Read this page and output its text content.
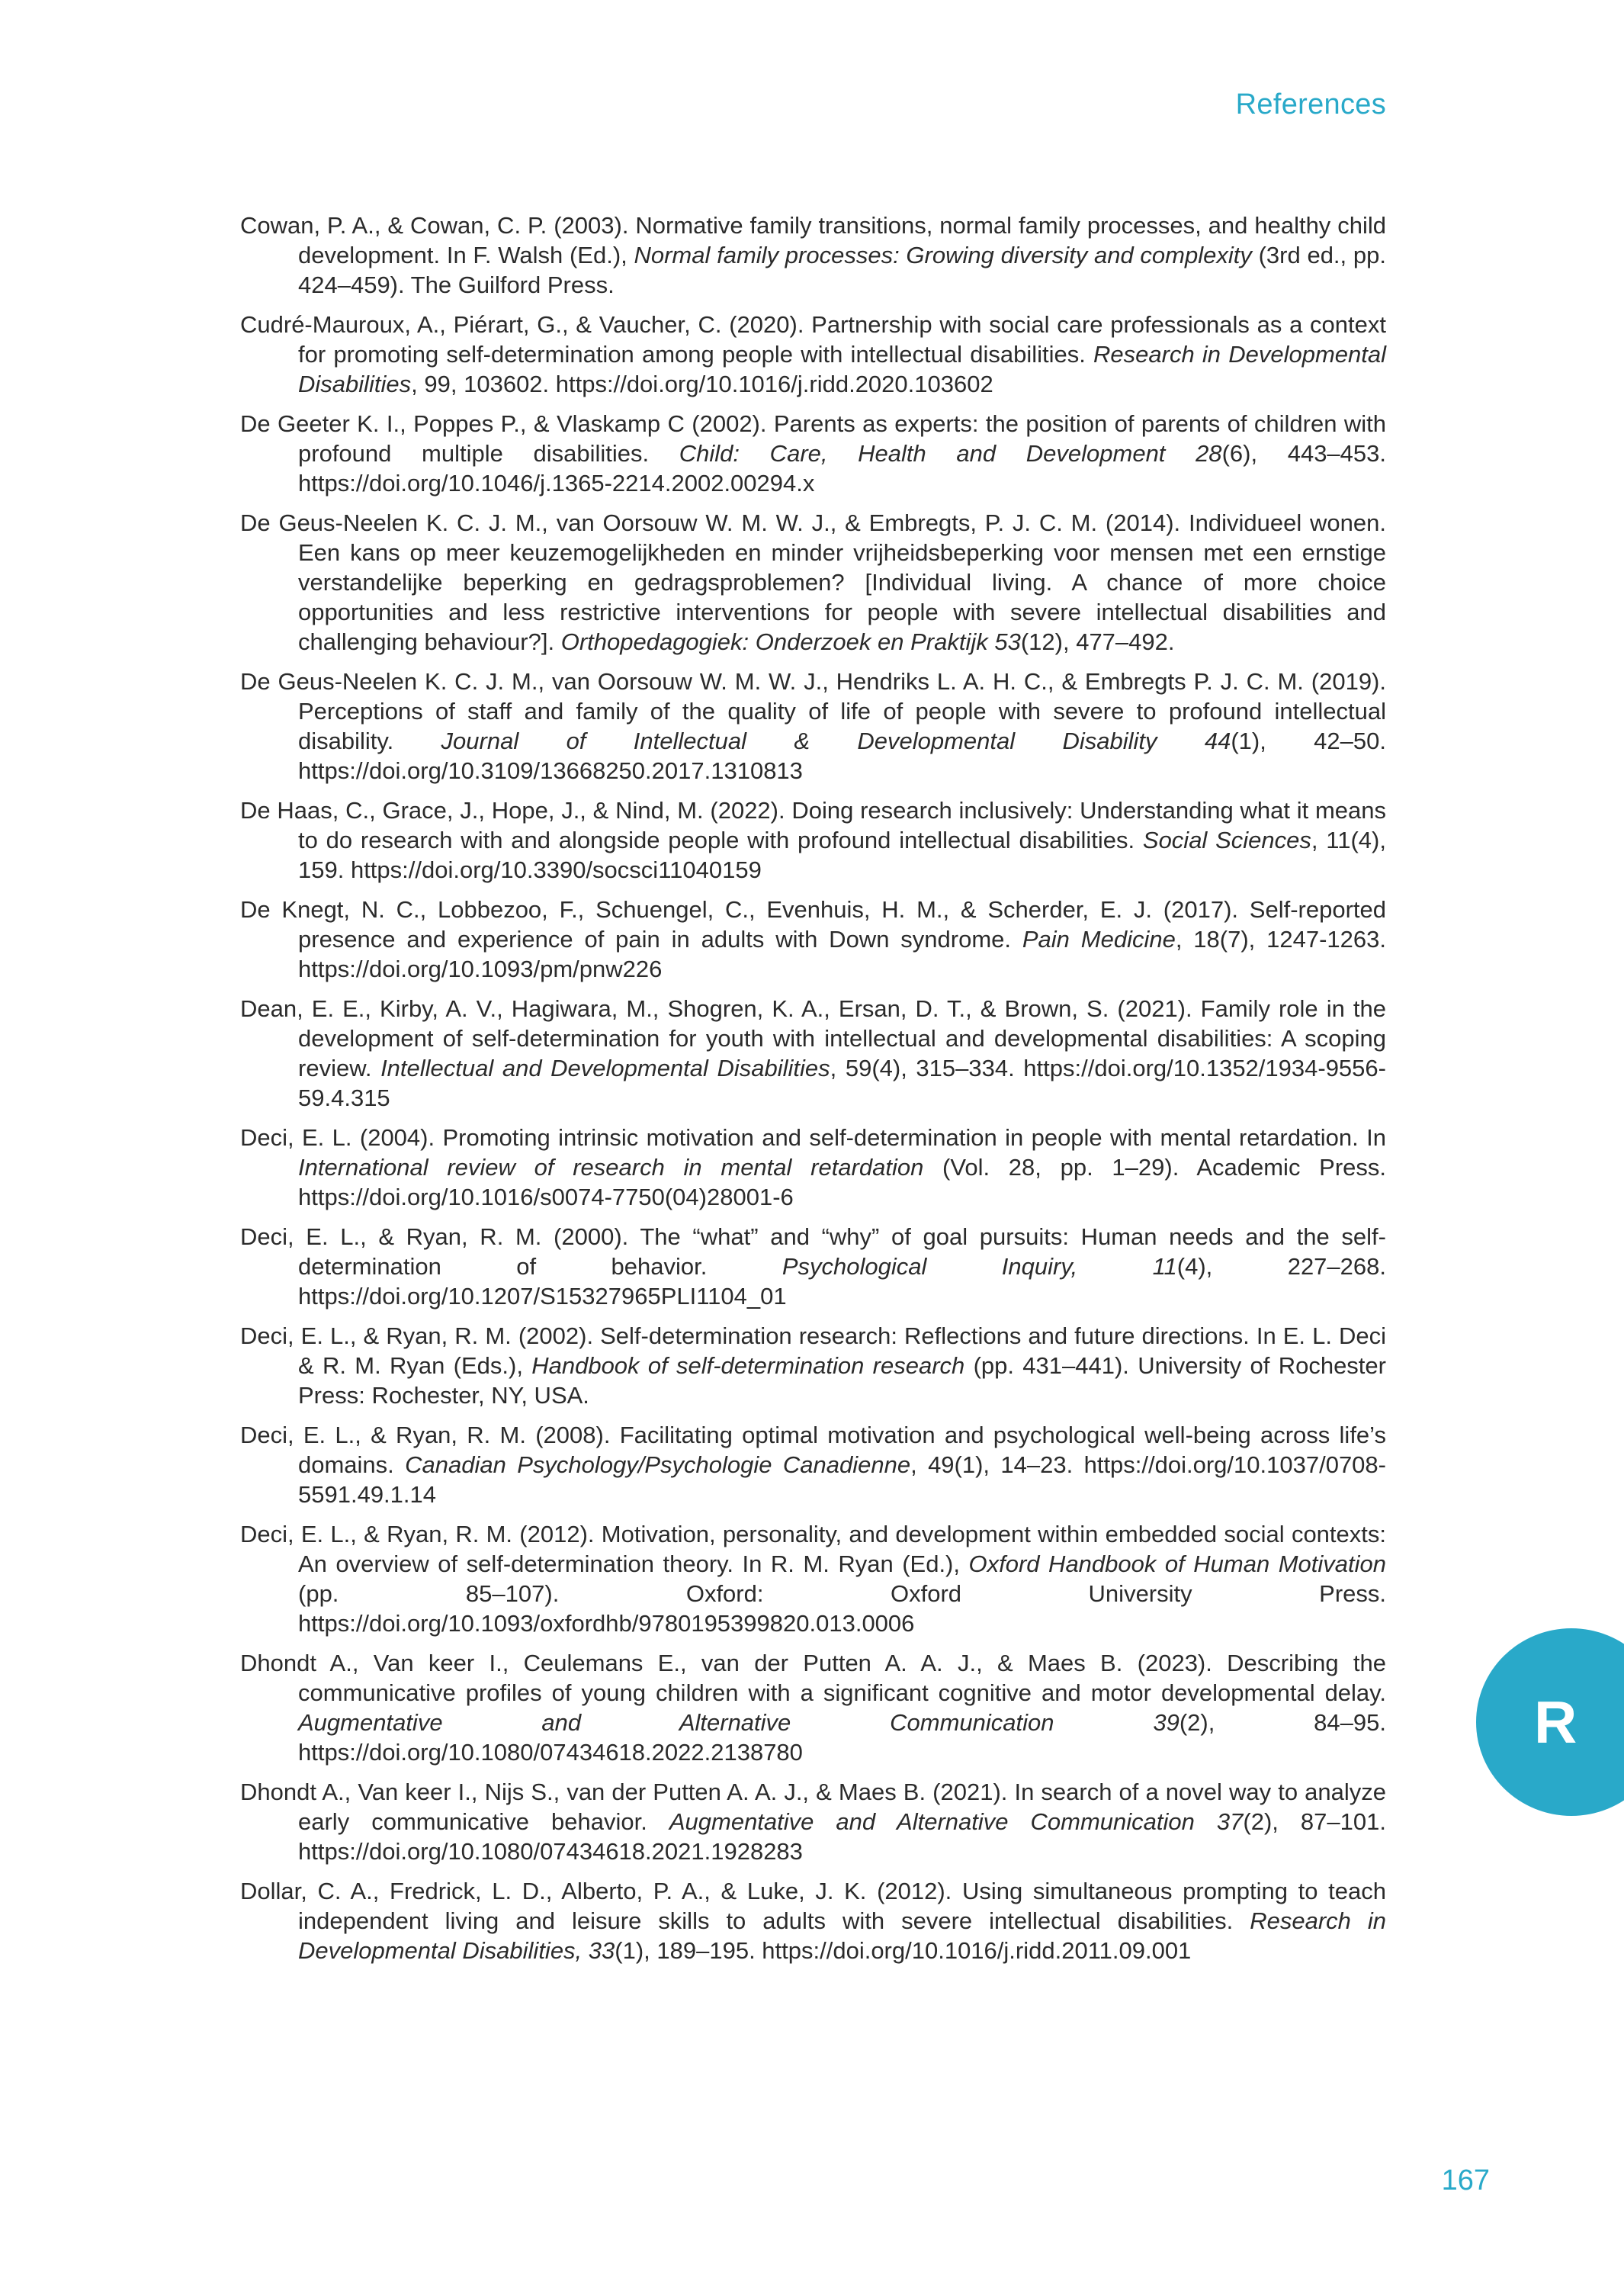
References
Cowan, P. A., & Cowan, C. P. (2003). Normative family transitions, normal family processes, and healthy child development. In F. Walsh (Ed.), Normal family processes: Growing diversity and complexity (3rd ed., pp. 424–459). The Guilford Press.
Cudré-Mauroux, A., Piérart, G., & Vaucher, C. (2020). Partnership with social care professionals as a context for promoting self-determination among people with intellectual disabilities. Research in Developmental Disabilities, 99, 103602. https://doi.org/10.1016/j.ridd.2020.103602
De Geeter K. I., Poppes P., & Vlaskamp C (2002). Parents as experts: the position of parents of children with profound multiple disabilities. Child: Care, Health and Development 28(6), 443–453. https://doi.org/10.1046/j.1365-2214.2002.00294.x
De Geus-Neelen K. C. J. M., van Oorsouw W. M. W. J., & Embregts, P. J. C. M. (2014). Individueel wonen. Een kans op meer keuzemogelijkheden en minder vrijheidsbeperking voor mensen met een ernstige verstandelijke beperking en gedragsproblemen? [Individual living. A chance of more choice opportunities and less restrictive interventions for people with severe intellectual disabilities and challenging behaviour?]. Orthopedagogiek: Onderzoek en Praktijk 53(12), 477–492.
De Geus-Neelen K. C. J. M., van Oorsouw W. M. W. J., Hendriks L. A. H. C., & Embregts P. J. C. M. (2019). Perceptions of staff and family of the quality of life of people with severe to profound intellectual disability. Journal of Intellectual & Developmental Disability 44(1), 42–50. https://doi.org/10.3109/13668250.2017.1310813
De Haas, C., Grace, J., Hope, J., & Nind, M. (2022). Doing research inclusively: Understanding what it means to do research with and alongside people with profound intellectual disabilities. Social Sciences, 11(4), 159. https://doi.org/10.3390/socsci11040159
De Knegt, N. C., Lobbezoo, F., Schuengel, C., Evenhuis, H. M., & Scherder, E. J. (2017). Self-reported presence and experience of pain in adults with Down syndrome. Pain Medicine, 18(7), 1247-1263. https://doi.org/10.1093/pm/pnw226
Dean, E. E., Kirby, A. V., Hagiwara, M., Shogren, K. A., Ersan, D. T., & Brown, S. (2021). Family role in the development of self-determination for youth with intellectual and developmental disabilities: A scoping review. Intellectual and Developmental Disabilities, 59(4), 315–334. https://doi.org/10.1352/1934-9556-59.4.315
Deci, E. L. (2004). Promoting intrinsic motivation and self-determination in people with mental retardation. In International review of research in mental retardation (Vol. 28, pp. 1–29). Academic Press. https://doi.org/10.1016/s0074-7750(04)28001-6
Deci, E. L., & Ryan, R. M. (2000). The “what” and “why” of goal pursuits: Human needs and the self-determination of behavior. Psychological Inquiry, 11(4), 227–268. https://doi.org/10.1207/S15327965PLI1104_01
Deci, E. L., & Ryan, R. M. (2002). Self-determination research: Reflections and future directions. In E. L. Deci & R. M. Ryan (Eds.), Handbook of self-determination research (pp. 431–441). University of Rochester Press: Rochester, NY, USA.
Deci, E. L., & Ryan, R. M. (2008). Facilitating optimal motivation and psychological well-being across life’s domains. Canadian Psychology/Psychologie Canadienne, 49(1), 14–23. https://doi.org/10.1037/0708-5591.49.1.14
Deci, E. L., & Ryan, R. M. (2012). Motivation, personality, and development within embedded social contexts: An overview of self-determination theory. In R. M. Ryan (Ed.), Oxford Handbook of Human Motivation (pp. 85–107). Oxford: Oxford University Press. https://doi.org/10.1093/oxfordhb/9780195399820.013.0006
Dhondt A., Van keer I., Ceulemans E., van der Putten A. A. J., & Maes B. (2023). Describing the communicative profiles of young children with a significant cognitive and motor developmental delay. Augmentative and Alternative Communication 39(2), 84–95. https://doi.org/10.1080/07434618.2022.2138780
Dhondt A., Van keer I., Nijs S., van der Putten A. A. J., & Maes B. (2021). In search of a novel way to analyze early communicative behavior. Augmentative and Alternative Communication 37(2), 87–101. https://doi.org/10.1080/07434618.2021.1928283
Dollar, C. A., Fredrick, L. D., Alberto, P. A., & Luke, J. K. (2012). Using simultaneous prompting to teach independent living and leisure skills to adults with severe intellectual disabilities. Research in Developmental Disabilities, 33(1), 189–195. https://doi.org/10.1016/j.ridd.2011.09.001
R
167
